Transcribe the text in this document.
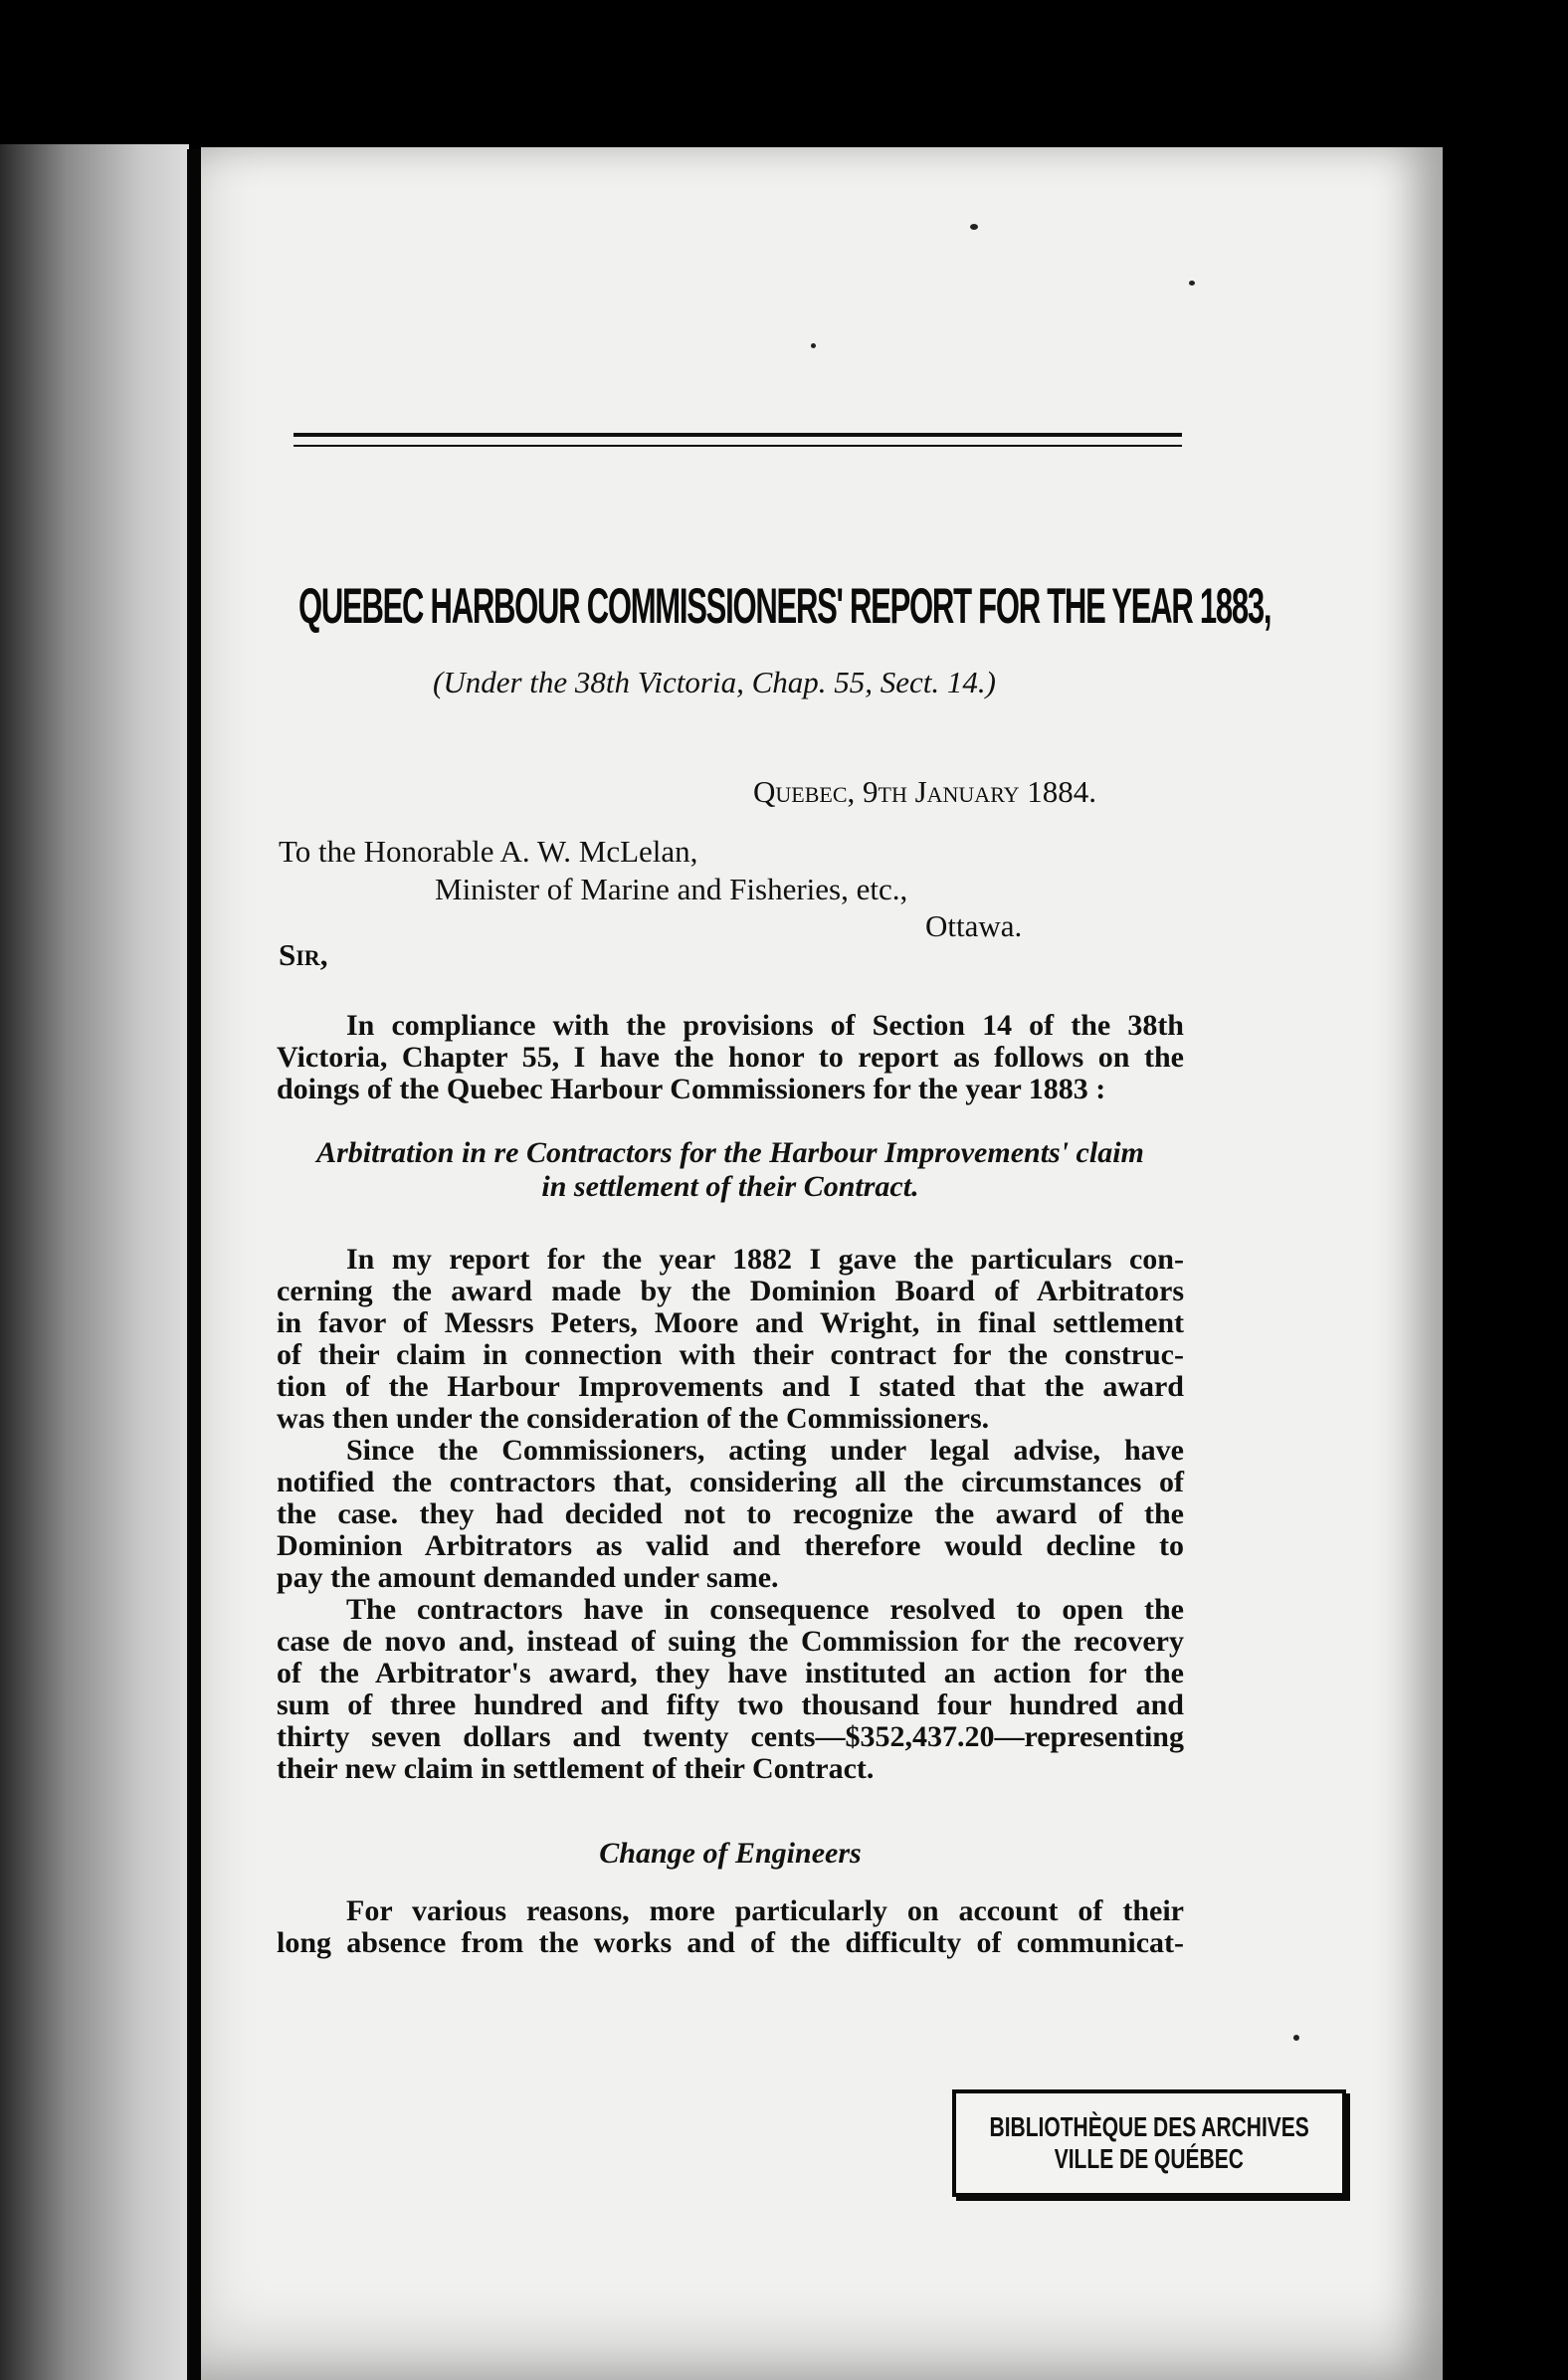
QUEBEC HARBOUR COMMISSIONERS' REPORT FOR THE YEAR 1883,
(Under the 38th Victoria, Chap. 55, Sect. 14.)
Quebec, 9th January 1884.
To the Honorable A. W. McLelan,
Minister of Marine and Fisheries, etc.,
Ottawa.
Sir,
In compliance with the provisions of Section 14 of the 38th
Victoria, Chapter 55, I have the honor to report as follows on the
doings of the Quebec Harbour Commissioners for the year 1883 :
Arbitration in re Contractors for the Harbour Improvements' claim
in settlement of their Contract.
In my report for the year 1882 I gave the particulars con-
cerning the award made by the Dominion Board of Arbitrators
in favor of Messrs Peters, Moore and Wright, in final settlement
of their claim in connection with their contract for the construc-
tion of the Harbour Improvements and I stated that the award
was then under the consideration of the Commissioners.
Since the Commissioners, acting under legal advise, have
notified the contractors that, considering all the circumstances of
the case. they had decided not to recognize the award of the
Dominion Arbitrators as valid and therefore would decline to
pay the amount demanded under same.
The contractors have in consequence resolved to open the
case de novo and, instead of suing the Commission for the recovery
of the Arbitrator's award, they have instituted an action for the
sum of three hundred and fifty two thousand four hundred and
thirty seven dollars and twenty cents—$352,437.20—representing
their new claim in settlement of their Contract.
Change of Engineers
For various reasons, more particularly on account of their
long absence from the works and of the difficulty of communicat-
BIBLIOTHÈQUE DES ARCHIVES
VILLE DE QUÉBEC
